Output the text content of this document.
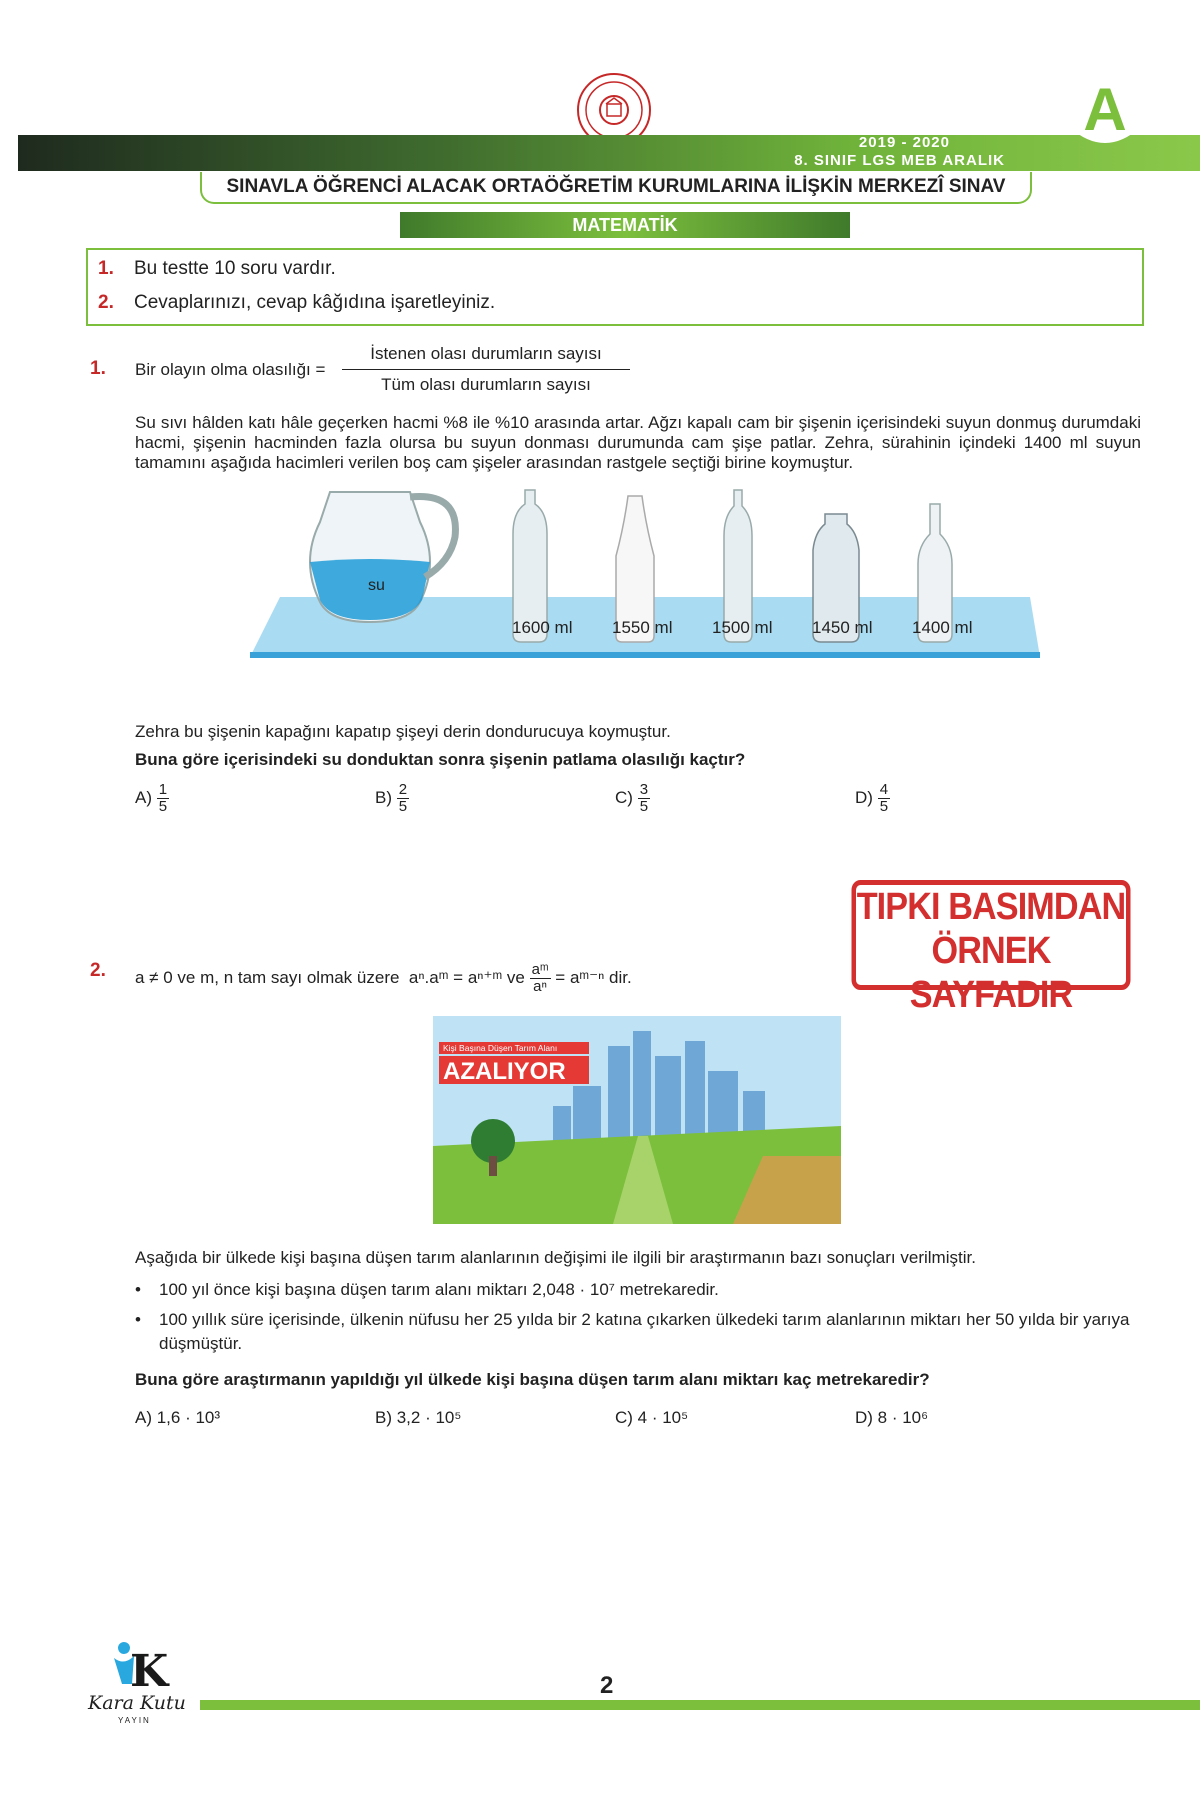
2019 - 2020
8. SINIF LGS MEB ARALIK
A
SINAVLA ÖĞRENCİ ALACAK ORTAÖĞRETİM KURUMLARINA İLİŞKİN MERKEZÎ SINAV
MATEMATİK
1. Bu testte 10 soru vardır.
2. Cevaplarınızı, cevap kâğıdına işaretleyiniz.
1. Bir olayın olma olasılığı =
İstenen olası durumların sayısı
Tüm olası durumların sayısı
Su sıvı hâlden katı hâle geçerken hacmi %8 ile %10 arasında artar. Ağzı kapalı cam bir şişenin içerisindeki suyun donmuş durumdaki hacmi, şişenin hacminden fazla olursa bu suyun donması durumunda cam şişe patlar. Zehra, sürahinin içindeki 1400 ml suyun tamamını aşağıda hacimleri verilen boş cam şişeler arasından rastgele seçtiği birine koymuştur.
su
1600 ml 1550 ml 1500 ml 1450 ml 1400 ml
Zehra bu şişenin kapağını kapatıp şişeyi derin dondurucuya koymuştur.
Buna göre içerisindeki su donduktan sonra şişenin patlama olasılığı kaçtır?
$A) \frac{1}{5}$	$B) \frac{2}{5}$	$C) \frac{3}{5}$	$D) \frac{4}{5}$
TIPKI BASIMDAN
ÖRNEK SAYFADIR
2. a ≠ 0 ve m, n tam sayı olmak üzere aⁿ.aᵐ = aⁿ⁺ᵐ ve $\frac{\text{aᵐ}}{\text{aⁿ}}$ = aᵐ⁻ⁿ dir.
Kişi Başına Düşen Tarım Alanı
AZALIYOR
Aşağıda bir ülkede kişi başına düşen tarım alanlarının değişimi ile ilgili bir araştırmanın bazı sonuçları verilmiştir.
• 100 yıl önce kişi başına düşen tarım alanı miktarı 2,048 · 10⁷ metrekaredir.
• 100 yıllık süre içerisinde, ülkenin nüfusu her 25 yılda bir 2 katına çıkarken ülkedeki tarım alanlarının miktarı her 50 yılda bir yarıya düşmüştür.
Buna göre araştırmanın yapıldığı yıl ülkede kişi başına düşen tarım alanı miktarı kaç metrekaredir?
A) 1,6 · 10³	B) 3,2 · 10⁵	C) 4 · 10⁵	D) 8 · 10⁶
K
Kara Kutu
YAYIN
2
